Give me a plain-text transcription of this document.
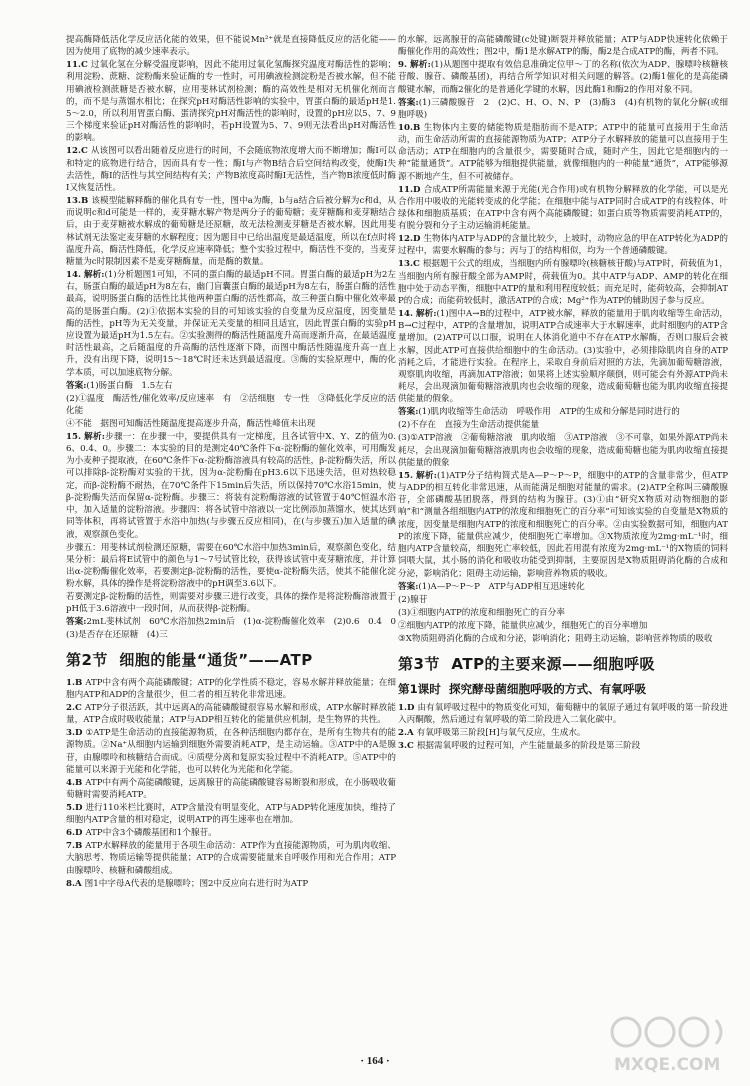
提高酶降低活化学反应活化能的效果，但不能说Mn²⁺就是直接降低反应的活化能——因为使用了底物的减少速率表示。

11.C 过氧化氢在分解受温度影响，因此不能用过氧化氢酶探究温度对酶活性的影响；利用淀粉、蔗糖、淀粉酶来验证酶的专一性时，可用碘液检测淀粉是否被水解，但不能用碘液检测蔗糖是否被水解，应用斐林试剂检测；酶的高效性是相对无机催化剂而言的，而不是与蒸馏水相比；在探究pH对酶活性影响的实验中，胃蛋白酶的最适pH是1.5～2.0，所以利用胃蛋白酶、蛋清探究pH对酶活性的影响时，设置的pH应以5、7、9三个梯度来验证pH对酶活性的影响时，若pH设置为5、7、9则无法看出pH对酶活性的影响。

12.C 从该图可以看出随着反应进行的时间，不会随底物浓度增大而不断增加；酶Ⅰ可以和特定的底物进行结合，因而具有专一性；酶Ⅰ与产物B结合后空间结构改变，使酶Ⅰ失去活性，酶Ⅰ的活性与其空间结构有关；产物B浓度高时酶Ⅰ无活性，当产物B浓度低时酶Ⅰ又恢复活性。

13.B 该模型能解释酶的催化具有专一性，图中a为酶，b与a结合后被分解为c和d，从而说明c和d可能是一样的，麦芽糖水解产物是两分子的葡萄糖；麦芽糖酶和麦芽糖结合后，由于麦芽糖被水解成的葡萄糖是还原糖，故无法检测麦芽糖是否被水解，因此用斐林试剂无法鉴定麦芽糖的水解程度；因为题目中已给出温度是最适温度，所以在f点时将温度升高，酶活性降低，化学反应速率降低；整个实验过程中，酶活性不变的，当麦芽糖量为c时限制因素不是麦芽糖酶量，而是酶的数量。

14. 解析:(1)分析题图1可知，不同的蛋白酶的最适pH不同。胃蛋白酶的最适pH为2左右，肠蛋白酶的最适pH为8左右，幽门盲囊蛋白酶的最适pH为8左右，肠蛋白酶的活性最高，说明肠蛋白酶的活性比其他两种蛋白酶的活性都高，故三种蛋白酶中催化效率最高的是肠蛋白酶。(2)①依据本实验的目的可知该实验的自变量为反应温度，因变量是酶的活性，pH等为无关变量，并保证无关变量的相同且适宜，因此胃蛋白酶的实验pH应设置为最适pH为1.5左右。②实验测得的酶活性随温度升高而逐渐升高，在最适温度时活性最高，之后随温度的升高酶的活性逐渐下降，而图中酶活性随温度升高一直上升，没有出现下降，说明15～18℃时还未达到最适温度。③酶的实验原理中，酶的化学本质，可以加速底物分解。

答案:(1)肠蛋白酶　1.5左右

(2)①温度　酶活性/催化效率/反应速率　有　②活细胞　专一性　③降低化学反应的活化能

④不能　据图可知酶活性随温度提高逐步升高，酶活性峰值未出现

15. 解析:步骤一：在步骤一中，要提供具有一定梯度，且各试管中X、Y、Z的值为0.6、0.4、0。步骤二：本实验的目的是测定40℃条件下α-淀粉酶的催化效率，可用酶发为小麦种子提取液，在60℃条件下α-淀粉酶溶液具有较高的活性，β-淀粉酶失活，所以可以排除β-淀粉酶对实验的干扰，因为α-淀粉酶在pH3.6以下迅速失活，但对热较稳定，而β-淀粉酶不耐热，在70℃条件下15min后失活，所以保持70℃水浴15min，使β-淀粉酶失活而保留α-淀粉酶。步骤三：将装有淀粉酶溶液的试管置于40℃恒温水浴中，加入适量的淀粉溶液。步骤四：将各试管中溶液以一定比例添加蒸馏水，使其达到同等体积，再将试管置于水浴中加热(与步骤五反应相同)，在(与步骤五)加入适量的碘液，观察颜色变化。

步骤五：用斐林试剂检测还原糖，需要在60℃水浴中加热3min后，观察颜色变化，结果分析：最后将E试管中的颜色与1～7号试管比较，获得该试管中麦芽糖浓度，并计算出α-淀粉酶催化效率，若要测定β-淀粉酶的活性，要使α-淀粉酶失活，使其不能催化淀粉水解，具体的操作是将淀粉溶液中的pH调至3.6以下。

若要测定β-淀粉酶的活性，则需要对步骤三进行改变，具体的操作是将淀粉酶溶液置于pH低于3.6溶液中一段时间，从而获得β-淀粉酶。

答案:2mL斐林试剂　60℃水浴加热2min后　(1)α-淀粉酶催化效率　(2)0.6　0.4　0　(3)是否存在还原糖　(4)三

第2节 细胞的能量“通货”——ATP

1.B ATP中含有两个高能磷酸键；ATP的化学性质不稳定，容易水解并释放能量；在细胞内ATP和ADP的含量很少，但二者的相互转化非常迅速。

2.C ATP分子很活跃，其中远离A的高能磷酸键很容易水解和形成，ATP水解时释放能量，ATP合成时吸收能量；ATP与ADP相互转化的能量供应机制，是生物界的共性。

3.D ①ATP是生命活动的直接能源物质，在各种活细胞内都存在，是所有生物共有的能源物质。②Na⁺从细胞内运输到细胞外需要消耗ATP，是主动运输。③ATP中的A是腺苷，由腺嘌呤和核糖结合而成。④质壁分离和复原实验过程中不消耗ATP。⑤ATP中的能量可以来源于光能和化学能，也可以转化为光能和化学能。

4.B ATP中有两个高能磷酸键，远离腺苷的高能磷酸键容易断裂和形成，在小肠吸收葡萄糖时需要消耗ATP。

5.D 进行110米栏比赛时，ATP含量没有明显变化，ATP与ADP转化速度加快，维持了细胞内ATP含量的相对稳定，说明ATP的再生速率也在增加。

6.D ATP中含3个磷酸基团和1个腺苷。

7.B ATP水解释放的能量用于各项生命活动：ATP作为直接能源物质，可为肌肉收缩、大脑思考、物质运输等提供能量；ATP的合成需要能量来自呼吸作用和光合作用；ATP由腺嘌呤、核糖和磷酸组成。

8.A 图1中字母A代表的是腺嘌呤；图2中反应向右进行时为ATP

的水解，远离腺苷的高能磷酸键(c处键)断裂并释放能量；ATP与ADP快速转化依赖于酶催化作用的高效性；图2中，酶1是水解ATP的酶，酶2是合成ATP的酶，两者不同。

9. 解析:(1)从题图中提取有效信息准确定位甲～丁的名称(依次为ADP、腺嘌呤核糖核苷酸、腺苷、磷酸基团)，再结合所学知识对相关问题的解答。(2)酶1催化的是高能磷酸键水解，而酶2催化的是普通化学键的水解，因此酶1和酶2的作用对象不同。

答案:(1)三磷酸腺苷　2　(2)C、H、O、N、P　(3)酶3　(4)有机物的氧化分解(或细胞呼吸)

10.B 生物体内主要的储能物质是脂肪而不是ATP；ATP中的能量可直接用于生命活动，而生命活动所需的直接能源物质为ATP；ATP分子水解释放的能量可以直接用于生命活动；ATP在细胞内的含量很少，需要随时合成，随时产生，因此它是细胞内的一种“能量通货”。ATP能够为细胞提供能量，就像细胞内的一种能量“通货”，ATP能够源源不断地产生，但不可被储存。

11.D 合成ATP所需能量来源于光能(光合作用)或有机物分解释放的化学能，可以是光合作用中吸收的光能转变成的化学能；在细胞中能与ATP同时合成ATP的有线粒体、叶绿体和细胞质基质；在ATP中含有两个高能磷酸键；如蛋白质等物质需要消耗ATP的，有脱分裂和分子主动运输消耗能量。

12.D 生物体内ATP与ADP的含量比较少，上坡时，动物应急的甲在ATP转化为ADP的过程中，需要水解酶的参与；丙与丁的结构相似，均为一个普通磷酸键。

13.C 根据题干公式的组成，当细胞内所有腺嘌呤(核糖核苷酸)与ATP时，荷载值为1，当细胞内所有腺苷酸全部为AMP时，荷载值为0。其中ATP与ADP、AMP的转化在细胞中处于动态平衡，细胞中ATP的量和利用程度较低；而充足时，能荷较高，会抑制ATP的合成；而能荷较低时，激活ATP的合成；Mg²⁺作为ATP的辅助因子参与反应。

14. 解析:(1)图中A→B的过程中，ATP被水解，释放的能量用于肌肉收缩等生命活动，B→C过程中，ATP的含量增加，说明ATP合成速率大于水解速率，此时细胞内的ATP含量增加。(2)ATP可以口服，说明在人体消化道中不存在ATP水解酶，否则口服后会被水解，因此ATP可直接供给细胞中的生命活动。(3)实验中，必须排除肌肉自身的ATP消耗之后，才能进行实验。在程序上，采取自身前后对照的方法，先滴加葡萄糖溶液，观察肌肉收缩，再滴加ATP溶液；如果将上述实验顺序颠倒，则可能会有外源ATP尚未耗尽，会出现滴加葡萄糖溶液肌肉也会收缩的现象，造成葡萄糖也能为肌肉收缩直接提供能量的假象。

答案:(1)肌肉收缩等生命活动　呼吸作用　ATP的生成和分解是同时进行的

(2)不存在　直接为生命活动提供能量

(3)①ATP溶液　②葡萄糖溶液　肌肉收缩　③ATP溶液　③不可靠，如果外源ATP尚未耗尽，会出现滴加葡萄糖溶液肌肉也会收缩的现象，造成葡萄糖也能为肌肉收缩直接提供能量的假象

15. 解析:(1)ATP分子结构简式是A—P～P～P，细胞中的ATP的含量非常少，但ATP与ADP的相互转化非常迅速，从而能满足细胞对能量的需求。(2)ATP全称叫三磷酸腺苷，全部磷酸基团脱落，得到的结构为腺苷。(3)①由“研究X物质对动物细胞的影响”和“测量各组细胞内ATP的浓度和细胞死亡的百分率”可知该实验的自变量是X物质的浓度，因变量是细胞内ATP的浓度和细胞死亡的百分率。②由实验数据可知，细胞内ATP的浓度下降，能量供应减少，使细胞死亡率增加。③X物质浓度为2mg·mL⁻¹时，细胞内ATP含量较高，细胞死亡率较低，因此若用混有浓度为2mg·mL⁻¹的X物质的饲料饲喂大鼠，其小肠的消化和吸收功能受到抑制，主要原因是X物质阻碍消化酶的合成和分泌，影响消化；阻碍主动运输，影响营养物质的吸收。

答案:(1)A—P～P～P　ATP与ADP相互迅速转化

(2)腺苷

(3)①细胞内ATP的浓度和细胞死亡的百分率

②细胞内ATP的浓度下降，能量供应减少，细胞死亡的百分率增加

③X物质阻碍消化酶的合成和分泌，影响消化；阻碍主动运输，影响营养物质的吸收

第3节 ATP的主要来源——细胞呼吸
第1课时 探究酵母菌细胞呼吸的方式、有氧呼吸

1.D 由有氧呼吸过程中的物质变化可知，葡萄糖中的氧原子通过有氧呼吸的第一阶段进入丙酮酸，然后通过有氧呼吸的第二阶段进入二氧化碳中。

2.A 有氧呼吸第三阶段[H]与氧气反应，生成水。

3.C 根据需氧呼吸的过程可知，产生能量最多的阶段是第三阶段

· 164 ·	MXQE.COM
